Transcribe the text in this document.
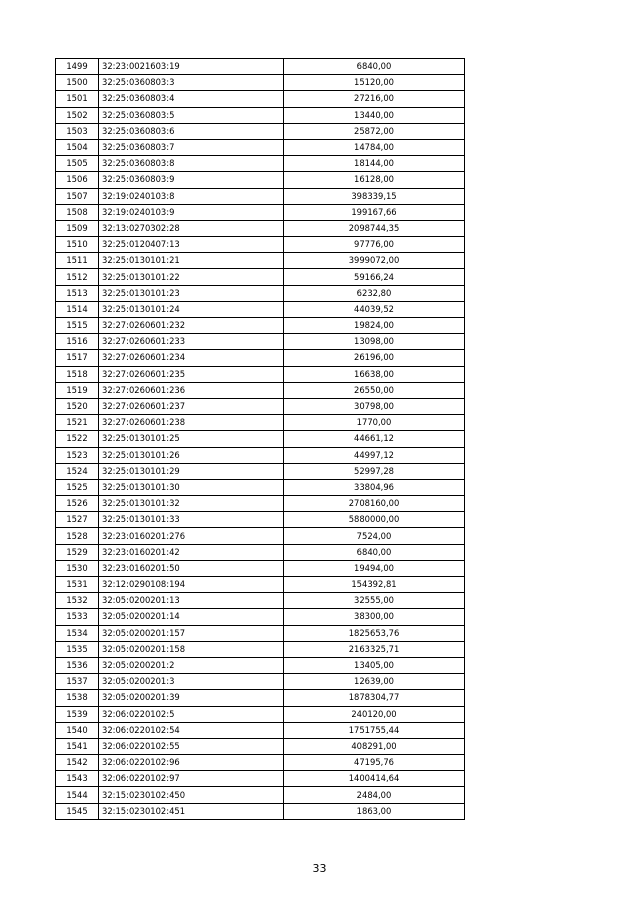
1499	32:23:0021603:19	6840,00
1500	32:25:0360803:3	15120,00
1501	32:25:0360803:4	27216,00
1502	32:25:0360803:5	13440,00
1503	32:25:0360803:6	25872,00
1504	32:25:0360803:7	14784,00
1505	32:25:0360803:8	18144,00
1506	32:25:0360803:9	16128,00
1507	32:19:0240103:8	398339,15
1508	32:19:0240103:9	199167,66
1509	32:13:0270302:28	2098744,35
1510	32:25:0120407:13	97776,00
1511	32:25:0130101:21	3999072,00
1512	32:25:0130101:22	59166,24
1513	32:25:0130101:23	6232,80
1514	32:25:0130101:24	44039,52
1515	32:27:0260601:232	19824,00
1516	32:27:0260601:233	13098,00
1517	32:27:0260601:234	26196,00
1518	32:27:0260601:235	16638,00
1519	32:27:0260601:236	26550,00
1520	32:27:0260601:237	30798,00
1521	32:27:0260601:238	1770,00
1522	32:25:0130101:25	44661,12
1523	32:25:0130101:26	44997,12
1524	32:25:0130101:29	52997,28
1525	32:25:0130101:30	33804,96
1526	32:25:0130101:32	2708160,00
1527	32:25:0130101:33	5880000,00
1528	32:23:0160201:276	7524,00
1529	32:23:0160201:42	6840,00
1530	32:23:0160201:50	19494,00
1531	32:12:0290108:194	154392,81
1532	32:05:0200201:13	32555,00
1533	32:05:0200201:14	38300,00
1534	32:05:0200201:157	1825653,76
1535	32:05:0200201:158	2163325,71
1536	32:05:0200201:2	13405,00
1537	32:05:0200201:3	12639,00
1538	32:05:0200201:39	1878304,77
1539	32:06:0220102:5	240120,00
1540	32:06:0220102:54	1751755,44
1541	32:06:0220102:55	408291,00
1542	32:06:0220102:96	47195,76
1543	32:06:0220102:97	1400414,64
1544	32:15:0230102:450	2484,00
1545	32:15:0230102:451	1863,00
33
